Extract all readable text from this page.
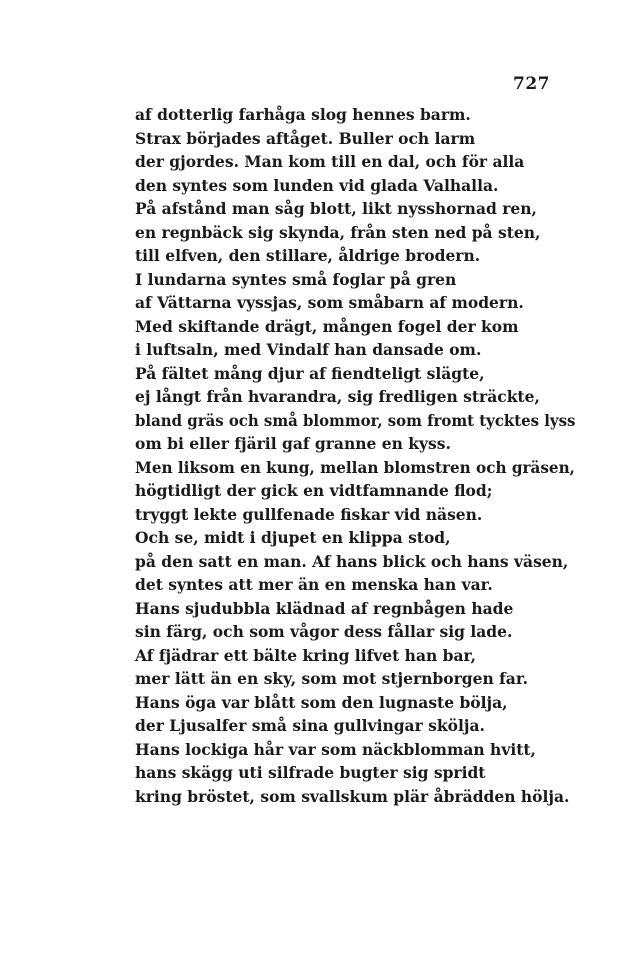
727
af dotterlig farhåga slog hennes barm.
Strax börjades aftåget. Buller och larm
der gjordes. Man kom till en dal, och för alla
den syntes som lunden vid glada Valhalla.
På afstånd man såg blott, likt nysshornad ren,
en regnbäck sig skynda, från sten ned på sten,
till elfven, den stillare, åldrige brodern.
I lundarna syntes små foglar på gren
af Vättarna vyssjas, som småbarn af modern.
Med skiftande drägt, mången fogel der kom
i luftsaln, med Vindalf han dansade om.
På fältet mång djur af fiendteligt slägte,
ej långt från hvarandra, sig fredligen sträckte,
bland gräs och små blommor, som fromt tycktes lyss
om bi eller fjäril gaf granne en kyss.
Men liksom en kung, mellan blomstren och gräsen,
högtidligt der gick en vidtfamnande flod;
tryggt lekte gullfenade fiskar vid näsen.
Och se, midt i djupet en klippa stod,
på den satt en man. Af hans blick och hans väsen,
det syntes att mer än en menska han var.
Hans sjudubbla klädnad af regnbågen hade
sin färg, och som vågor dess fållar sig lade.
Af fjädrar ett bälte kring lifvet han bar,
mer lätt än en sky, som mot stjernborgen far.
Hans öga var blått som den lugnaste bölja,
der Ljusalfer små sina gullvingar skölja.
Hans lockiga hår var som näckblomman hvitt,
hans skägg uti silfrade bugter sig spridt
kring bröstet, som svallskum plär åbrädden hölja.
